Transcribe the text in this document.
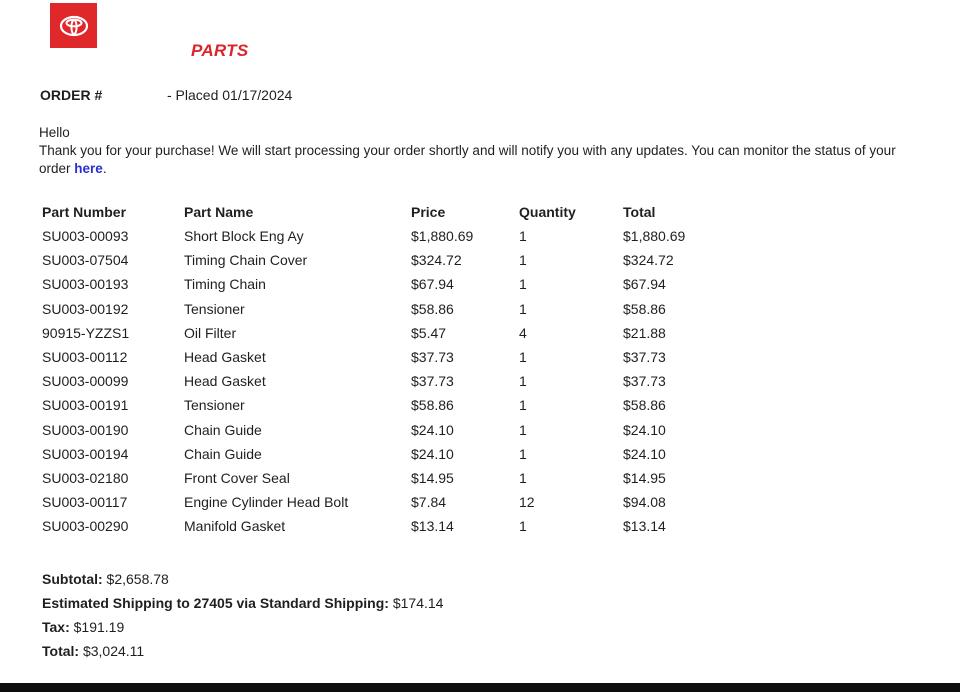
PARTS
ORDER #	- Placed 01/17/2024
Hello
Thank you for your purchase! We will start processing your order shortly and will notify you with any updates. You can monitor the status of your order here.
Part Number	Part Name	Price	Quantity	Total
SU003-00093	Short Block Eng Ay	$1,880.69	1	$1,880.69
SU003-07504	Timing Chain Cover	$324.72	1	$324.72
SU003-00193	Timing Chain	$67.94	1	$67.94
SU003-00192	Tensioner	$58.86	1	$58.86
90915-YZZS1	Oil Filter	$5.47	4	$21.88
SU003-00112	Head Gasket	$37.73	1	$37.73
SU003-00099	Head Gasket	$37.73	1	$37.73
SU003-00191	Tensioner	$58.86	1	$58.86
SU003-00190	Chain Guide	$24.10	1	$24.10
SU003-00194	Chain Guide	$24.10	1	$24.10
SU003-02180	Front Cover Seal	$14.95	1	$14.95
SU003-00117	Engine Cylinder Head Bolt	$7.84	12	$94.08
SU003-00290	Manifold Gasket	$13.14	1	$13.14
Subtotal: $2,658.78
Estimated Shipping to 27405 via Standard Shipping: $174.14
Tax: $191.19
Total: $3,024.11
